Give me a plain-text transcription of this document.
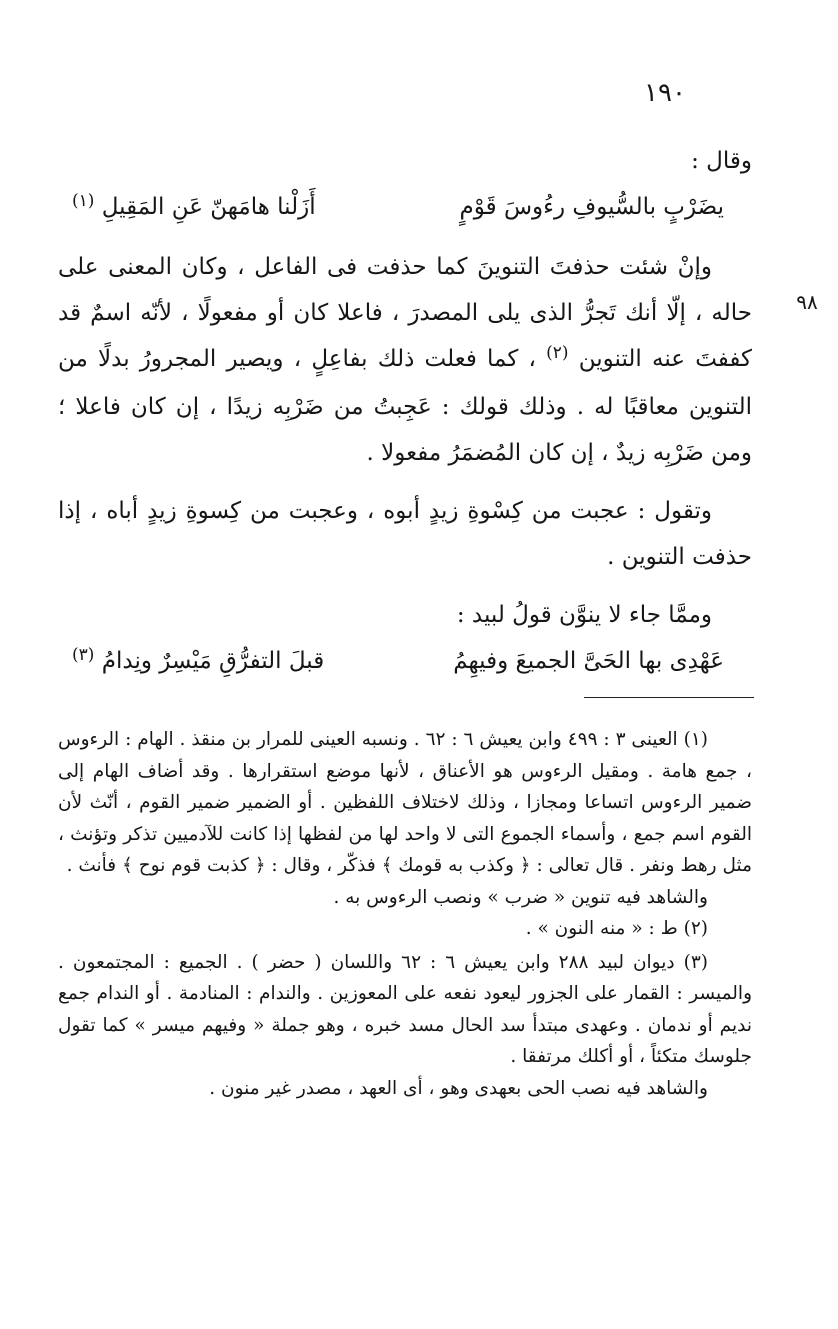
١٩٠
٩٨

وقال :

يضَرْبٍ بالسُّيوفِ رءُوسَ قَوْمٍ
أَزَلْنا هامَهنّ عَنِ المَقِيلِ $^{(١)}$

وإنْ شئت حذفتَ التنوينَ كما حذفت فى الفاعل ، وكان المعنى على حاله ، إلّا أنك تَجرُّ الذى يلى المصدرَ ، فاعلا كان أو مفعولًا ، لأنّه اسمٌ قد كففتَ عنه التنوين $^{(٢)}$ ، كما فعلت ذلك بفاعِلٍ ، ويصير المجرورُ بدلًا من التنوين معاقبًا له . وذلك قولك : عَجِبتُ من ضَرْبِه زيدًا ، إن كان فاعلا ؛ ومن ضَرْبِه زيدٌ ، إن كان المُضمَرُ مفعولا .

وتقول : عجبت من كِسْوةِ زيدٍ أبوه ، وعجبت من كِسوةِ زيدٍ أباه ، إذا حذفت التنوين .

وممَّا جاء لا ينوَّن قولُ لبيد :

عَهْدِى بها الحَىَّ الجميعَ وفيهِمُ
قبلَ التفرُّقِ مَيْسِرٌ ونِدامُ $^{(٣)}$

(١) العينى ٣ : ٤٩٩ وابن يعيش ٦ : ٦٢ . ونسبه العينى للمرار بن منقذ . الهام : الرءوس ، جمع هامة . ومقيل الرءوس هو الأعناق ، لأنها موضع استقرارها . وقد أضاف الهام إلى ضمير الرءوس اتساعا ومجازا ، وذلك لاختلاف اللفظين . أو الضمير ضمير القوم ، أنّث لأن القوم اسم جمع ، وأسماء الجموع التى لا واحد لها من لفظها إذا كانت للآدميين تذكر وتؤنث ، مثل رهط ونفر . قال تعالى : ﴿ وكذب به قومك ﴾ فذكّر ، وقال : ﴿ كذبت قوم نوح ﴾ فأنث .

والشاهد فيه تنوين « ضرب » ونصب الرءوس به .

(٢) ط : « منه النون » .

(٣) ديوان لبيد ٢٨٨ وابن يعيش ٦ : ٦٢ واللسان ( حضر ) . الجميع : المجتمعون . والميسر : القمار على الجزور ليعود نفعه على المعوزين . والندام : المنادمة . أو الندام جمع نديم أو ندمان . وعهدى مبتدأ سد الحال مسد خبره ، وهو جملة « وفيهم ميسر » كما تقول جلوسك متكئاً ، أو أكلك مرتفقا .

والشاهد فيه نصب الحى بعهدى وهو ، أى العهد ، مصدر غير منون .
